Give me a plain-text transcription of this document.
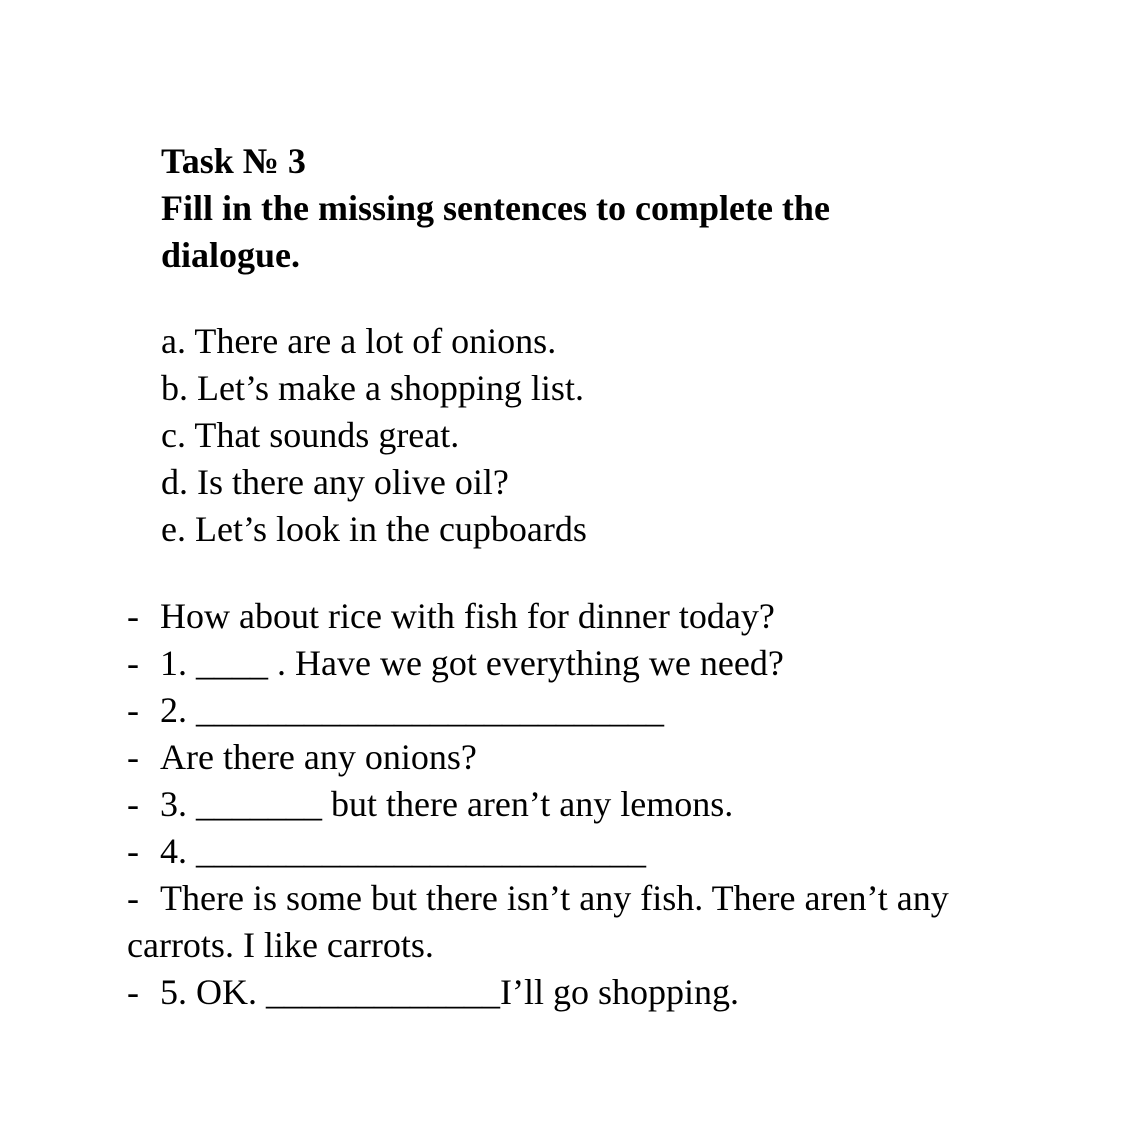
Task № 3
Fill in the missing sentences to complete the
dialogue.
a. There are a lot of onions.
b. Let’s make a shopping list.
c. That sounds great.
d. Is there any olive oil?
e. Let’s look in the cupboards
- How about rice with fish for dinner today?
- 1. ____ . Have we got everything we need?
- 2. __________________________
- Are there any onions?
- 3. _______ but there aren’t any lemons.
- 4. _________________________
- There is some but there isn’t any fish. There aren’t any
carrots. I like carrots.
- 5. OK. _____________I’ll go shopping.
